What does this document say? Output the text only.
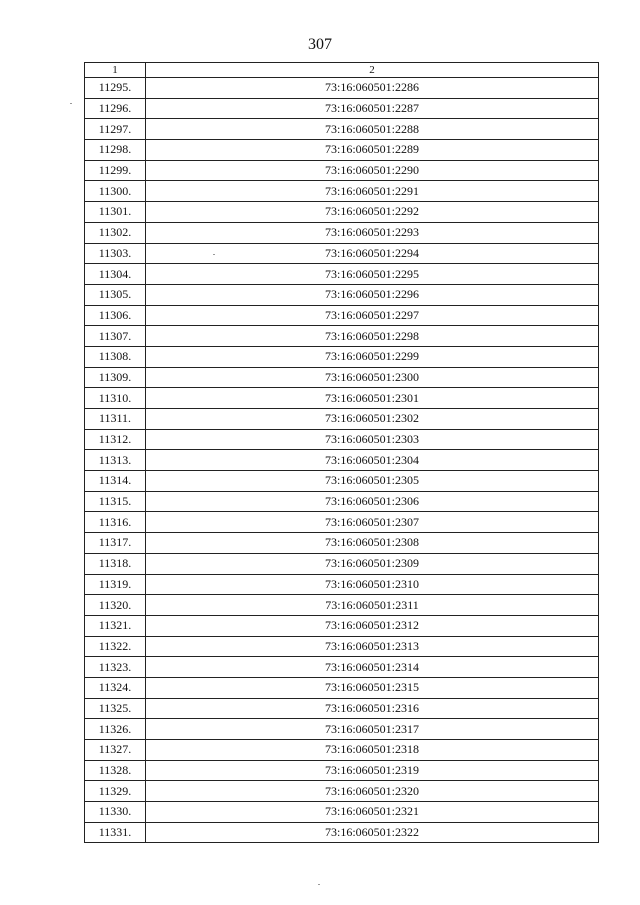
307
1	2
11295.	73:16:060501:2286
11296.	73:16:060501:2287
11297.	73:16:060501:2288
11298.	73:16:060501:2289
11299.	73:16:060501:2290
11300.	73:16:060501:2291
11301.	73:16:060501:2292
11302.	73:16:060501:2293
11303.	73:16:060501:2294
11304.	73:16:060501:2295
11305.	73:16:060501:2296
11306.	73:16:060501:2297
11307.	73:16:060501:2298
11308.	73:16:060501:2299
11309.	73:16:060501:2300
11310.	73:16:060501:2301
11311.	73:16:060501:2302
11312.	73:16:060501:2303
11313.	73:16:060501:2304
11314.	73:16:060501:2305
11315.	73:16:060501:2306
11316.	73:16:060501:2307
11317.	73:16:060501:2308
11318.	73:16:060501:2309
11319.	73:16:060501:2310
11320.	73:16:060501:2311
11321.	73:16:060501:2312
11322.	73:16:060501:2313
11323.	73:16:060501:2314
11324.	73:16:060501:2315
11325.	73:16:060501:2316
11326.	73:16:060501:2317
11327.	73:16:060501:2318
11328.	73:16:060501:2319
11329.	73:16:060501:2320
11330.	73:16:060501:2321
11331.	73:16:060501:2322
